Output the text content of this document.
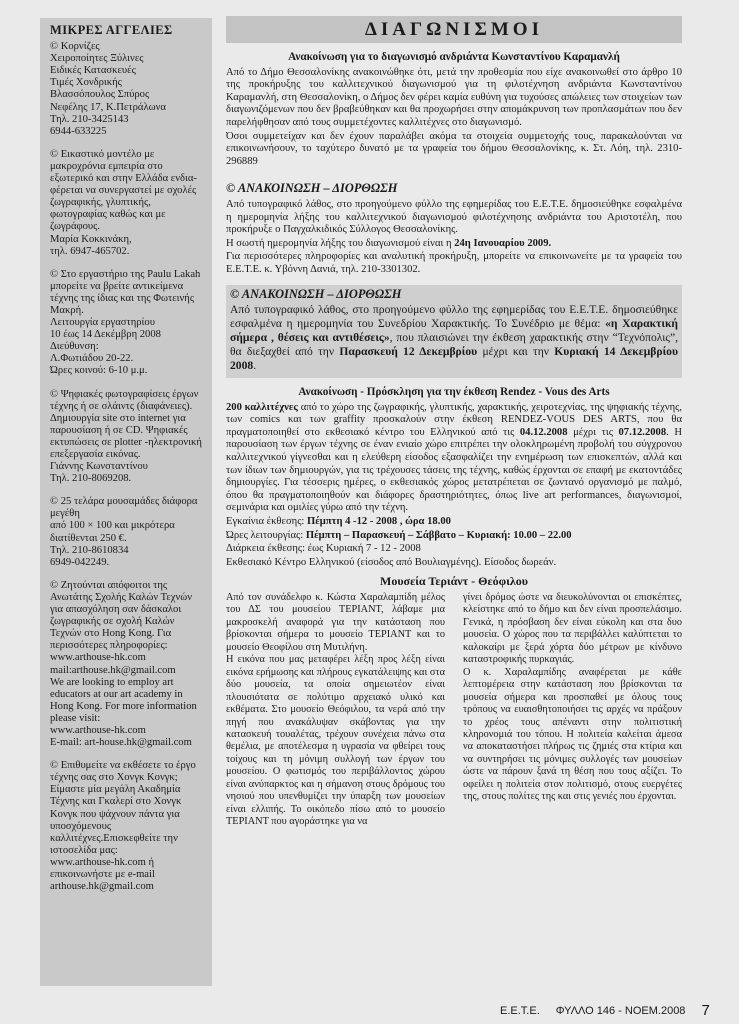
ΜΙΚΡΕΣ ΑΓΓΕΛΙΕΣ
© Κορνίζες
Χειροποίητες Ξύλινες
Ειδικές Κατασκευές
Τιμές Χονδρικής
Βλασσόπουλος Σπύρος
Νεφέλης 17, Κ.Πετράλωνα
Τηλ. 210-3425143
6944-633225
© Εικαστικό μοντέλο με μακροχρόνια εμπειρία στο εξωτερικό και στην Ελλάδα ενδια-φέρεται να συνεργαστεί με σχολές ζωγραφικής, γλυπτικής, φωτογραφίας καθώς και με ζωγράφους.
Μαρία Κοκκινάκη,
τηλ. 6947-465702.
© Στο εργαστήριο της Paulu Lakah μπορείτε να βρείτε αντικείμενα τέχνης της ίδιας και της Φωτεινής Μακρή.
Λειτουργία εργαστηρίου
10 έως 14 Δεκέμβρη 2008
Διεύθυνση:
Λ.Φωτιάδου 20-22.
Ώρες κοινού: 6-10 μ.μ.
© Ψηφιακές φωτογραφίσεις έργων τέχνης ή σε σλάιντς (διαφάνειες). Δημιουργία site στο internet για παρουσίαση ή σε CD. Ψηφιακές εκτυπώσεις σε plotter -ηλεκτρονική επεξεργασία εικόνας.
Γιάννης Κωνσταντίνου
Τηλ. 210-8069208.
© 25 τελάρα μουσαμάδες διάφορα μεγέθη
από 100 × 100 και μικρότερα διατίθενται 250 €.
Τηλ. 210-8610834
6949-042249.
© Ζητούνται απόφοιτοι της Ανωτάτης Σχολής Καλών Τεχνών για απασχόληση σαν δάσκαλοι ζωγραφικής σε σχολή Καλών Τεχνών στο Hong Kong. Για περισσότερες πληροφορίες:
www.arthouse-hk.com
mail:arthouse.hk@gmail.com
We are looking to employ art educators at our art academy in Hong Kong. For more information please visit:
www.arthouse-hk.com
E-mail: art-house.hk@gmail.com
© Επιθυμείτε να εκθέσετε το έργο τέχνης σας στο Χονγκ Κονγκ; Είμαστε μία μεγάλη Ακαδημία Τέχνης και Γκαλερί στο Χονγκ Κονγκ που ψάχνουν πάντα για υποσχόμενους καλλιτέχνες.Επισκεφθείτε την ιστοσελίδα μας:
www.arthouse-hk.com ή επικοινωνήστε με e-mail
arthouse.hk@gmail.com
ΔΙΑΓΩΝΙΣΜΟΙ
Ανακοίνωση για το διαγωνισμό ανδριάντα Κωνσταντίνου Καραμανλή
Από το Δήμο Θεσσαλονίκης ανακοινώθηκε ότι, μετά την προθεσμία που είχε ανακοινωθεί στο άρθρο 10 της προκήρυξης του καλλιτεχνικού διαγωνισμού για τη φιλοτέχνηση ανδριάντα Κωνσταντίνου Καραμανλή, στη Θεσσαλονίκη, ο Δήμος δεν φέρει καμία ευθύνη για τυχούσες απώλειες των στοιχείων των διαγωνιζόμενων που δεν βραβεύθηκαν και θα προχωρήσει στην απομάκρυνση των προπλασμάτων που δεν παρελήφθησαν από τους συμμετέχοντες καλλιτέχνες στο διαγωνισμό.
Όσοι συμμετείχαν και δεν έχουν παραλάβει ακόμα τα στοιχεία συμμετοχής τους, παρακαλούνται να επικοινωνήσουν, το ταχύτερο δυνατό με τα γραφεία του δήμου Θεσσαλονίκης, κ. Στ. Λόη, τηλ. 2310-296889
© ΑΝΑΚΟΙΝΩΣΗ – ΔΙΟΡΘΩΣΗ
Από τυπογραφικό λάθος, στο προηγούμενο φύλλο της εφημερίδας του Ε.Ε.Τ.Ε. δημοσιεύθηκε εσφαλμένα η ημερομηνία λήξης του καλλιτεχνικού διαγωνισμού φιλοτέχνησης ανδριάντα του Αριστοτέλη, που προκήρυξε ο Παγχαλκιδικός Σύλλογος Θεσσαλονίκης.
Η σωστή ημερομηνία λήξης του διαγωνισμού είναι η 24η Ιανουαρίου 2009.
Για περισσότερες πληροφορίες και αναλυτική προκήρυξη, μπορείτε να επικοινωνείτε με τα γραφεία του Ε.Ε.Τ.Ε. κ. Υβόννη Δανιά, τηλ. 210-3301302.
© ΑΝΑΚΟΙΝΩΣΗ – ΔΙΟΡΘΩΣΗ
Από τυπογραφικό λάθος, στο προηγούμενο φύλλο της εφημερίδας του Ε.Ε.Τ.Ε. δημοσιεύθηκε εσφαλμένα η ημερομηνία του Συνεδρίου Χαρακτικής. Το Συνέδριο με θέμα: «η Χαρακτική σήμερα , θέσεις και αντιθέσεις», που πλαισιώνει την έκθεση χαρακτικής στην “Τεχνόπολις”, θα διεξαχθεί από την Παρασκευή 12 Δεκεμβρίου μέχρι και την Κυριακή 14 Δεκεμβρίου 2008.
Ανακοίνωση - Πρόσκληση για την έκθεση Rendez - Vous des Arts
200 καλλιτέχνες από το χώρο της ζωγραφικής, γλυπτικής, χαρακτικής, χειροτεχνίας, της ψηφιακής τέχνης, των comics και των graffity προσκαλούν στην έκθεση RENDEZ-VOUS DES ARTS, που θα πραγματοποιηθεί στο εκθεσιακό κέντρο του Ελληνικού από τις 04.12.2008 μέχρι τις 07.12.2008. Η παρουσίαση των έργων τέχνης σε έναν ενιαίο χώρο επιτρέπει την ολοκληρωμένη προβολή του σύγχρονου καλλιτεχνικού γίγνεσθαι και η ελεύθερη είσοδος εξασφαλίζει την ενημέρωση των επισκεπτών, αλλά και των ίδιων των δημιουργών, για τις τρέχουσες τάσεις της τέχνης, καθώς έρχονται σε επαφή με εκατοντάδες δημιουργίες. Για τέσσερις ημέρες, ο εκθεσιακός χώρος μετατρέπεται σε ζωντανό οργανισμό με παλμό, όπου θα πραγματοποιηθούν και διάφορες δραστηριότητες, όπως live art performances, διαγωνισμοί, σεμινάρια και ομιλίες γύρω από την τέχνη.
Εγκαίνια έκθεσης: Πέμπτη 4 -12 - 2008 , ώρα 18.00
Ώρες λειτουργίας: Πέμπτη – Παρασκευή – Σάββατο – Κυριακή: 10.00 – 22.00
Διάρκεια έκθεσης: έως Κυριακή 7 - 12 - 2008
Εκθεσιακό Κέντρο Ελληνικού (είσοδος από Βουλιαγμένης). Είσοδος δωρεάν.
Μουσεία Τεριάντ - Θεόφιλου
Από τον συνάδελφο κ. Κώστα Χαραλαμπίδη μέλος του ΔΣ του μουσείου ΤΕΡΙΑΝΤ, λάβαμε μια μακροσκελή αναφορά για την κατάσταση που βρίσκονται σήμερα το μουσείο ΤΕΡΙΑΝΤ και το μουσείο Θεοφίλου στη Μυτιλήνη.
Η εικόνα που μας μεταφέρει λέξη προς λέξη είναι εικόνα ερήμωσης και πλήρους εγκατάλειψης και στα δύο μουσεία, τα οποία σημειωτέον είναι πλουσιότατα σε πολύτιμο αρχειακό υλικό και εκθέματα. Στο μουσείο Θεόφιλου, τα νερά από την πηγή που ανακάλυψαν σκάβοντας για την κατασκευή τουαλέτας, τρέχουν συνέχεια πάνω στα θεμέλια, με αποτέλεσμα η υγρασία να φθείρει τους τοίχους και τη μόνιμη συλλογή των έργων του μουσείου. Ο φωτισμός του περιβάλλοντος χώρου είναι ανύπαρκτος και η σήμανση στους δρόμους του νησιού που υπενθυμίζει την ύπαρξη των μουσείων είναι ελλιπής. Το οικόπεδο πίσω από το μουσείο ΤΕΡΙΑΝΤ που αγοράστηκε για να
γίνει δρόμος ώστε να διευκολύνονται οι επισκέπτες, κλείστηκε από το δήμο και δεν είναι προσπελάσιμο. Γενικά, η πρόσβαση δεν είναι εύκολη και στα δυο μουσεία. Ο χώρος που τα περιβάλλει καλύπτεται το καλοκαίρι με ξερά χόρτα δύο μέτρων με κίνδυνο καταστροφικής πυρκαγιάς.
Ο κ. Χαραλαμπίδης αναφέρεται με κάθε λεπτομέρεια στην κατάσταση που βρίσκονται τα μουσεία σήμερα και προσπαθεί με όλους τους τρόπους να ευαισθητοποιήσει τις αρχές να πράξουν το χρέος τους απέναντι στην πολιτιστική κληρονομιά του τόπου. Η πολιτεία καλείται άμεσα να αποκαταστήσει πλήρως τις ζημιές στα κτίρια και να συντηρήσει τις μόνιμες συλλογές των μουσείων ώστε να πάρουν ξανά τη θέση που τους αξίζει. Το οφείλει η πολιτεία στον πολιτισμό, στους ευεργέτες της, στους πολίτες της και στις γενιές που έρχονται.
Ε.Ε.Τ.Ε. ΦΥΛΛΟ 146 - ΝΟΕΜ.2008 7
